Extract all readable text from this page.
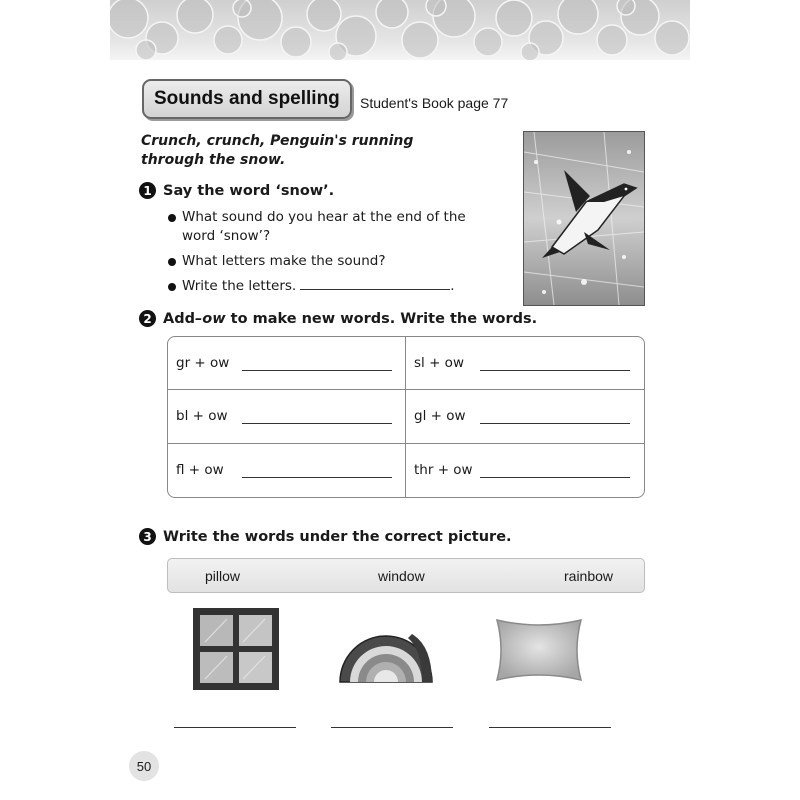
Sounds and spelling	Student's Book page 77
Crunch, crunch, Penguin's running
through the snow.
1 Say the word ‘snow’.
What sound do you hear at the end of the word ‘snow’?
What letters make the sound?
Write the letters.	.
2 Add –ow to make new words. Write the words.
gr + ow	sl + ow
bl + ow	gl + ow
fl + ow	thr + ow
3 Write the words under the correct picture.
pillow	window	rainbow
50
